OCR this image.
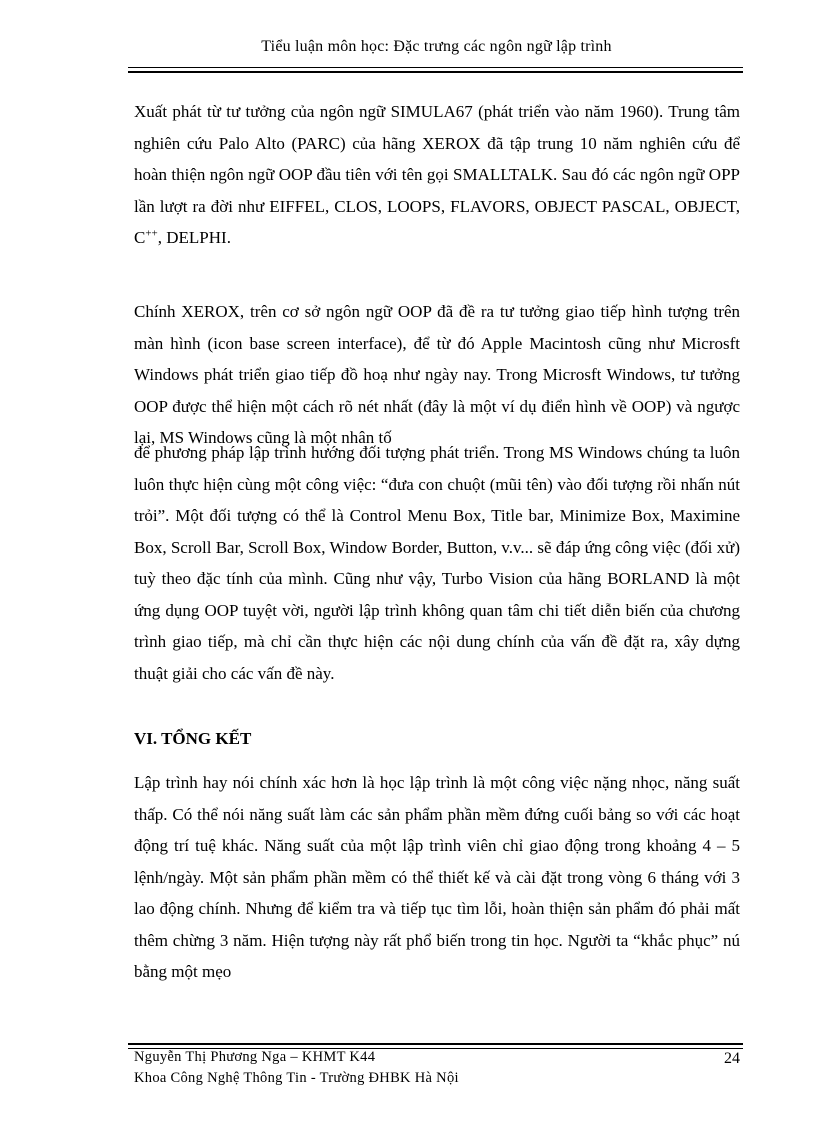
Tiểu luận môn học: Đặc trưng các ngôn ngữ lập trình

Xuất phát từ tư tưởng của ngôn ngữ SIMULA67 (phát triển vào năm 1960). Trung tâm nghiên cứu Palo Alto (PARC) của hãng XEROX đã tập trung 10 năm nghiên cứu để hoàn thiện ngôn ngữ OOP đầu tiên với tên gọi SMALLTALK. Sau đó các ngôn ngữ OPP lần lượt ra đời như EIFFEL, CLOS, LOOPS, FLAVORS, OBJECT PASCAL, OBJECT, C++, DELPHI.

Chính XEROX, trên cơ sở ngôn ngữ OOP đã đề ra tư tưởng giao tiếp hình tượng trên màn hình (icon base screen interface), để từ đó Apple Macintosh cũng như Microsft Windows phát triển giao tiếp đồ hoạ như ngày nay. Trong Microsft Windows, tư tưởng OOP được thể hiện một cách rõ nét nhất (đây là một ví dụ điển hình về OOP) và ngược lại, MS Windows cũng là một nhân tố

để phương pháp lập trình hướng đối tượng phát triển. Trong MS Windows chúng ta luôn luôn thực hiện cùng một công việc: “đưa con chuột (mũi tên) vào đối tượng rồi nhấn nút trỏi”. Một đối tượng có thể là Control Menu Box, Title bar, Minimize Box, Maximine Box, Scroll Bar, Scroll Box, Window Border, Button, v.v... sẽ đáp ứng công việc (đối xử) tuỳ theo đặc tính của mình. Cũng như vậy, Turbo Vision của hãng BORLAND là một ứng dụng OOP tuyệt vời, người lập trình không quan tâm chi tiết diễn biến của chương trình giao tiếp, mà chỉ cần thực hiện các nội dung chính của vấn đề đặt ra, xây dựng thuật giải cho các vấn đề này.

VI. TỔNG KẾT

Lập trình hay nói chính xác hơn là học lập trình là một công việc nặng nhọc, năng suất thấp. Có thể nói năng suất làm các sản phẩm phần mềm đứng cuối bảng so với các hoạt động trí tuệ khác. Năng suất của một lập trình viên chỉ giao động trong khoảng 4 – 5 lệnh/ngày. Một sản phẩm phần mềm có thể thiết kế và cài đặt trong vòng 6 tháng với 3 lao động chính. Nhưng để kiểm tra và tiếp tục tìm lỗi, hoàn thiện sản phẩm đó phải mất thêm chừng 3 năm. Hiện tượng này rất phổ biến trong tin học. Người ta “khắc phục” nú bằng một mẹo

Nguyễn Thị Phương Nga – KHMT K44
Khoa Công Nghệ Thông Tin - Trường ĐHBK Hà Nội
24
